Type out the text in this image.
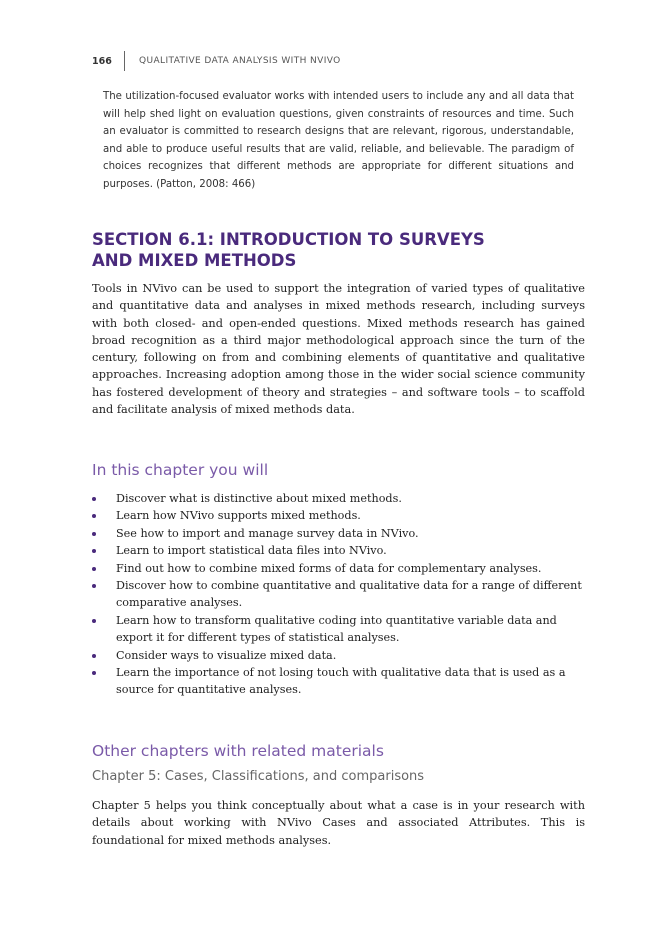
166	QUALITATIVE DATA ANALYSIS WITH NVIVO

The utilization-focused evaluator works with intended users to include any and all data that will help shed light on evaluation questions, given constraints of resources and time. Such an evaluator is committed to research designs that are relevant, rigorous, understandable, and able to produce useful results that are valid, reliable, and believable. The paradigm of choices recognizes that different methods are appropriate for different situations and purposes. (Patton, 2008: 466)

SECTION 6.1: INTRODUCTION TO SURVEYS
AND MIXED METHODS

Tools in NVivo can be used to support the integration of varied types of qualitative and quantitative data and analyses in mixed methods research, including surveys with both closed- and open-ended questions. Mixed methods research has gained broad recognition as a third major methodological approach since the turn of the century, following on from and combining elements of quantitative and qualitative approaches. Increasing adoption among those in the wider social science community has fostered development of theory and strategies – and software tools – to scaffold and facilitate analysis of mixed methods data.

In this chapter you will
Discover what is distinctive about mixed methods.
Learn how NVivo supports mixed methods.
See how to import and manage survey data in NVivo.
Learn to import statistical data files into NVivo.
Find out how to combine mixed forms of data for complementary analyses.
Discover how to combine quantitative and qualitative data for a range of different comparative analyses.
Learn how to transform qualitative coding into quantitative variable data and export it for different types of statistical analyses.
Consider ways to visualize mixed data.
Learn the importance of not losing touch with qualitative data that is used as a source for quantitative analyses.
Other chapters with related materials
Chapter 5: Cases, Classifications, and comparisons

Chapter 5 helps you think conceptually about what a case is in your research with details about working with NVivo Cases and associated Attributes. This is foundational for mixed methods analyses.
